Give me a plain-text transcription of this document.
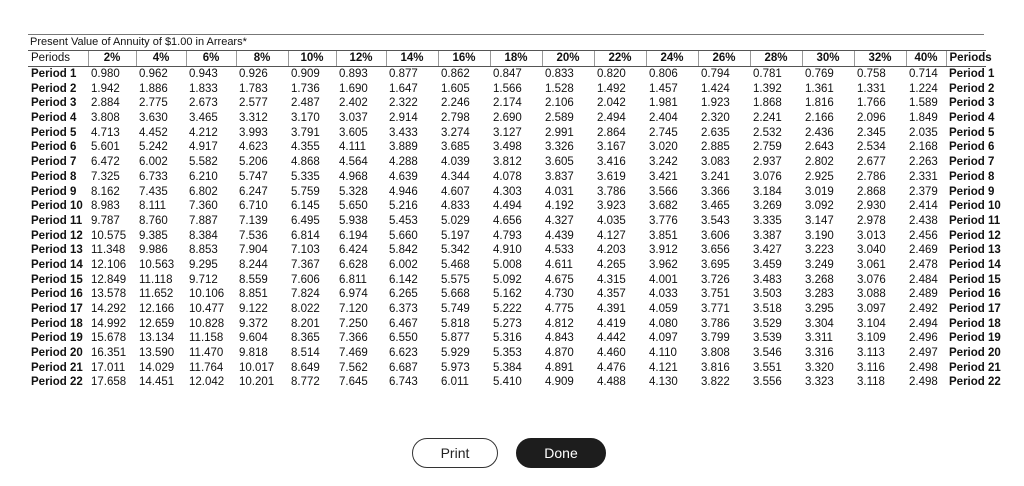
Present Value of Annuity of $1.00 in Arrears*
Periods	2%	4%	6%	8%	10%	12%	14%	16%	18%	20%	22%	24%	26%	28%	30%	32%	40%	Periods
Period 1	0.980	0.962	0.943	0.926	0.909	0.893	0.877	0.862	0.847	0.833	0.820	0.806	0.794	0.781	0.769	0.758	0.714	Period 1
Period 2	1.942	1.886	1.833	1.783	1.736	1.690	1.647	1.605	1.566	1.528	1.492	1.457	1.424	1.392	1.361	1.331	1.224	Period 2
Period 3	2.884	2.775	2.673	2.577	2.487	2.402	2.322	2.246	2.174	2.106	2.042	1.981	1.923	1.868	1.816	1.766	1.589	Period 3
Period 4	3.808	3.630	3.465	3.312	3.170	3.037	2.914	2.798	2.690	2.589	2.494	2.404	2.320	2.241	2.166	2.096	1.849	Period 4
Period 5	4.713	4.452	4.212	3.993	3.791	3.605	3.433	3.274	3.127	2.991	2.864	2.745	2.635	2.532	2.436	2.345	2.035	Period 5
Period 6	5.601	5.242	4.917	4.623	4.355	4.111	3.889	3.685	3.498	3.326	3.167	3.020	2.885	2.759	2.643	2.534	2.168	Period 6
Period 7	6.472	6.002	5.582	5.206	4.868	4.564	4.288	4.039	3.812	3.605	3.416	3.242	3.083	2.937	2.802	2.677	2.263	Period 7
Period 8	7.325	6.733	6.210	5.747	5.335	4.968	4.639	4.344	4.078	3.837	3.619	3.421	3.241	3.076	2.925	2.786	2.331	Period 8
Period 9	8.162	7.435	6.802	6.247	5.759	5.328	4.946	4.607	4.303	4.031	3.786	3.566	3.366	3.184	3.019	2.868	2.379	Period 9
Period 10	8.983	8.111	7.360	6.710	6.145	5.650	5.216	4.833	4.494	4.192	3.923	3.682	3.465	3.269	3.092	2.930	2.414	Period 10
Period 11	9.787	8.760	7.887	7.139	6.495	5.938	5.453	5.029	4.656	4.327	4.035	3.776	3.543	3.335	3.147	2.978	2.438	Period 11
Period 12	10.575	9.385	8.384	7.536	6.814	6.194	5.660	5.197	4.793	4.439	4.127	3.851	3.606	3.387	3.190	3.013	2.456	Period 12
Period 13	11.348	9.986	8.853	7.904	7.103	6.424	5.842	5.342	4.910	4.533	4.203	3.912	3.656	3.427	3.223	3.040	2.469	Period 13
Period 14	12.106	10.563	9.295	8.244	7.367	6.628	6.002	5.468	5.008	4.611	4.265	3.962	3.695	3.459	3.249	3.061	2.478	Period 14
Period 15	12.849	11.118	9.712	8.559	7.606	6.811	6.142	5.575	5.092	4.675	4.315	4.001	3.726	3.483	3.268	3.076	2.484	Period 15
Period 16	13.578	11.652	10.106	8.851	7.824	6.974	6.265	5.668	5.162	4.730	4.357	4.033	3.751	3.503	3.283	3.088	2.489	Period 16
Period 17	14.292	12.166	10.477	9.122	8.022	7.120	6.373	5.749	5.222	4.775	4.391	4.059	3.771	3.518	3.295	3.097	2.492	Period 17
Period 18	14.992	12.659	10.828	9.372	8.201	7.250	6.467	5.818	5.273	4.812	4.419	4.080	3.786	3.529	3.304	3.104	2.494	Period 18
Period 19	15.678	13.134	11.158	9.604	8.365	7.366	6.550	5.877	5.316	4.843	4.442	4.097	3.799	3.539	3.311	3.109	2.496	Period 19
Period 20	16.351	13.590	11.470	9.818	8.514	7.469	6.623	5.929	5.353	4.870	4.460	4.110	3.808	3.546	3.316	3.113	2.497	Period 20
Period 21	17.011	14.029	11.764	10.017	8.649	7.562	6.687	5.973	5.384	4.891	4.476	4.121	3.816	3.551	3.320	3.116	2.498	Period 21
Period 22	17.658	14.451	12.042	10.201	8.772	7.645	6.743	6.011	5.410	4.909	4.488	4.130	3.822	3.556	3.323	3.118	2.498	Period 22
Print	Done
